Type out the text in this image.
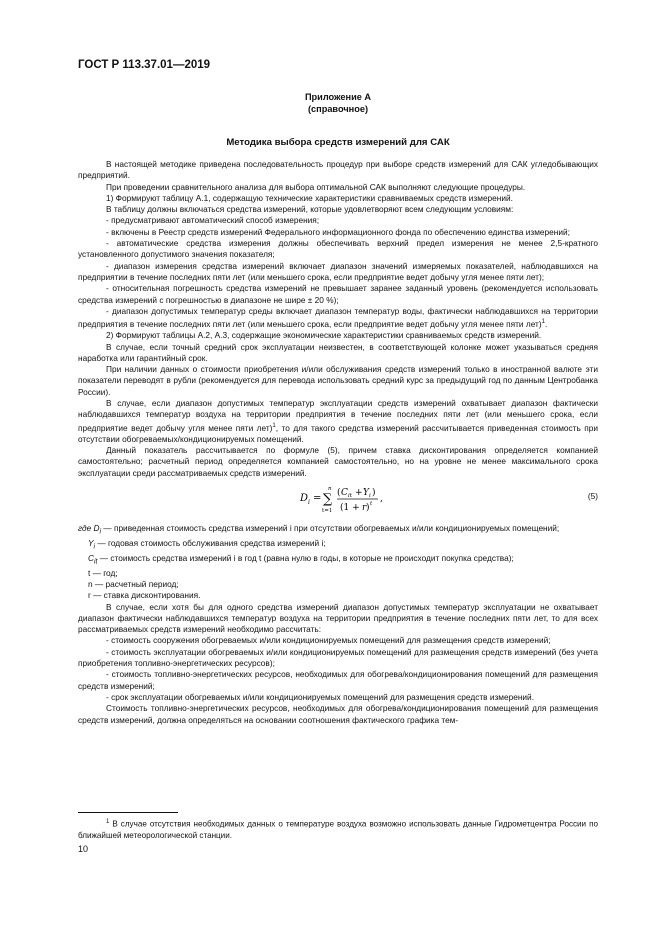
ГОСТ Р 113.37.01—2019
Приложение А
(справочное)
Методика выбора средств измерений для САК

В настоящей методике приведена последовательность процедур при выборе средств измерений для САК угледобывающих предприятий.

При проведении сравнительного анализа для выбора оптимальной САК выполняют следующие процедуры.

1) Формируют таблицу А.1, содержащую технические характеристики сравниваемых средств измерений.

В таблицу должны включаться средства измерений, которые удовлетворяют всем следующим условиям:

- предусматривают автоматический способ измерения;

- включены в Реестр средств измерений Федерального информационного фонда по обеспечению единства измерений;

- автоматические средства измерения должны обеспечивать верхний предел измерения не менее 2,5-кратного установленного допустимого значения показателя;

- диапазон измерения средства измерений включает диапазон значений измеряемых показателей, наблюдавшихся на предприятии в течение последних пяти лет (или меньшего срока, если предприятие ведет добычу угля менее пяти лет);

- относительная погрешность средства измерений не превышает заранее заданный уровень (рекомендуется использовать средства измерений с погрешностью в диапазоне не шире ± 20 %);

- диапазон допустимых температур среды включает диапазон температур воды, фактически наблюдавшихся на территории предприятия в течение последних пяти лет (или меньшего срока, если предприятие ведет добычу угля менее пяти лет)$^1$.

2) Формируют таблицы А.2, А.3, содержащие экономические характеристики сравниваемых средств измерений.

В случае, если точный средний срок эксплуатации неизвестен, в соответствующей колонке может указываться средняя наработка или гарантийный срок.

При наличии данных о стоимости приобретения и/или обслуживания средств измерений только в иностранной валюте эти показатели переводят в рубли (рекомендуется для перевода использовать средний курс за предыдущий год по данным Центробанка России).

В случае, если диапазон допустимых температур эксплуатации средств измерений охватывает диапазон фактически наблюдавшихся температур воздуха на территории предприятия в течение последних пяти лет (или меньшего срока, если предприятие ведет добычу угля менее пяти лет)$^1$, то для такого средства измерений рассчитывается приведенная стоимость при отсутствии обогреваемых/кондиционируемых помещений.

Данный показатель рассчитывается по формуле (5), причем ставка дисконтирования определяется компанией самостоятельно; расчетный период определяется компанией самостоятельно, но на уровне не менее максимального срока эксплуатации среди рассматриваемых средств измерений.

D i =
n
∑
t=1
( C it + Y i )
(1 + r ) t ,	(5)

где $D_i$ — приведенная стоимость средства измерений i при отсутствии обогреваемых и/или кондиционируемых помещений;

$Y_i$ — годовая стоимость обслуживания средства измерений i;

$C_{it}$ — стоимость средства измерений i в год t (равна нулю в годы, в которые не происходит покупка средства);

t — год;

n — расчетный период;

r — ставка дисконтирования.

В случае, если хотя бы для одного средства измерений диапазон допустимых температур эксплуатации не охватывает диапазон фактически наблюдавшихся температур воздуха на территории предприятия в течение последних пяти лет, то для всех рассматриваемых средств измерений необходимо рассчитать:

- стоимость сооружения обогреваемых и/или кондиционируемых помещений для размещения средств измерений;

- стоимость эксплуатации обогреваемых и/или кондиционируемых помещений для размещения средств измерений (без учета приобретения топливно-энергетических ресурсов);

- стоимость топливно-энергетических ресурсов, необходимых для обогрева/кондиционирования помещений для размещения средств измерений;

- срок эксплуатации обогреваемых и/или кондиционируемых помещений для размещения средств измерений.

Стоимость топливно-энергетических ресурсов, необходимых для обогрева/кондиционирования помещений для размещения средств измерений, должна определяться на основании соотношения фактического графика тем-

$^1$ В случае отсутствия необходимых данных о температуре воздуха возможно использовать данные Гидрометцентра России по ближайшей метеорологической станции.
10
